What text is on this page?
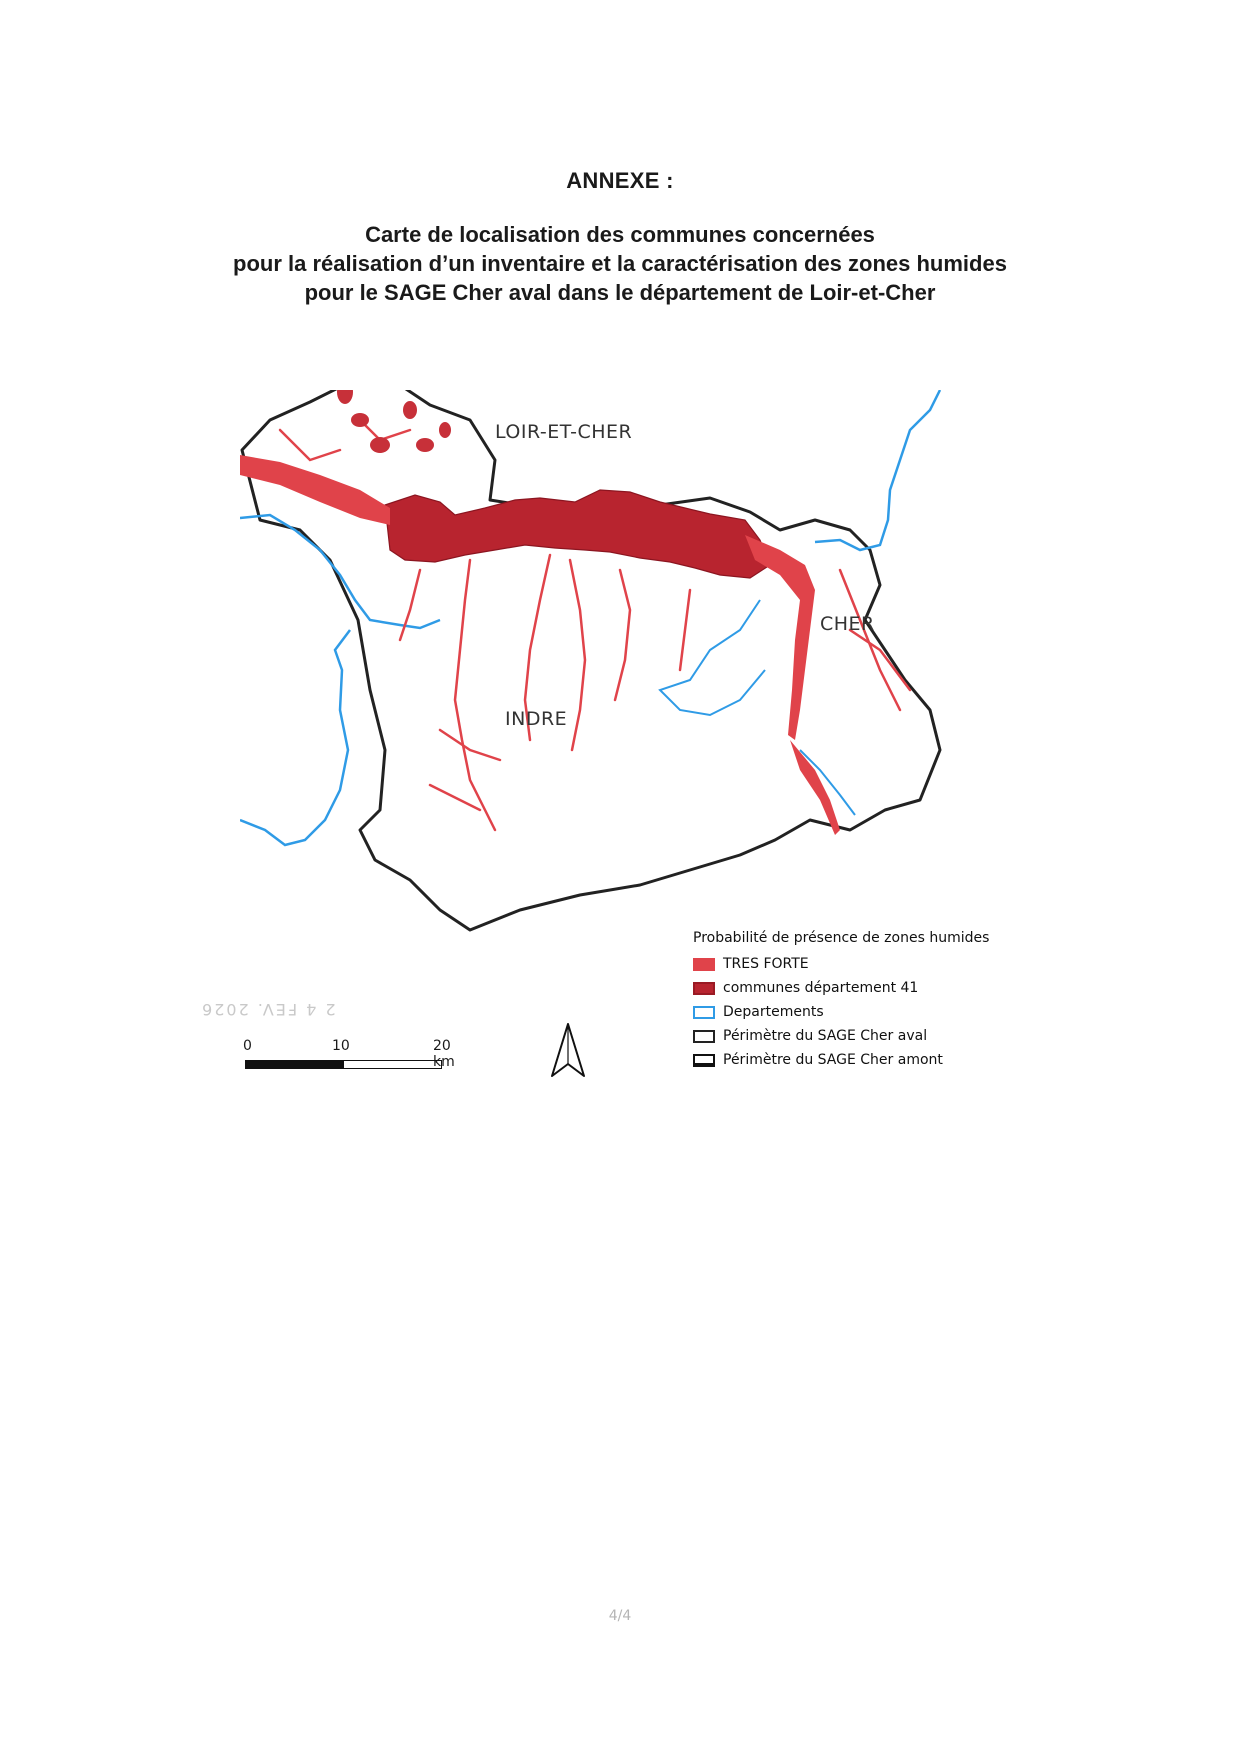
ANNEXE :
Carte de localisation des communes concernées
pour la réalisation d’un inventaire et la caractérisation des zones humides
pour le SAGE Cher aval dans le département de Loir-et-Cher
LOIR-ET-CHER
CHER
INDRE
Probabilité de présence de zones humides
TRES FORTE
communes département 41
Departements
Périmètre du SAGE Cher aval
Périmètre du SAGE Cher amont
0	10	20 km
2 4 FEV. 2026
4/4
